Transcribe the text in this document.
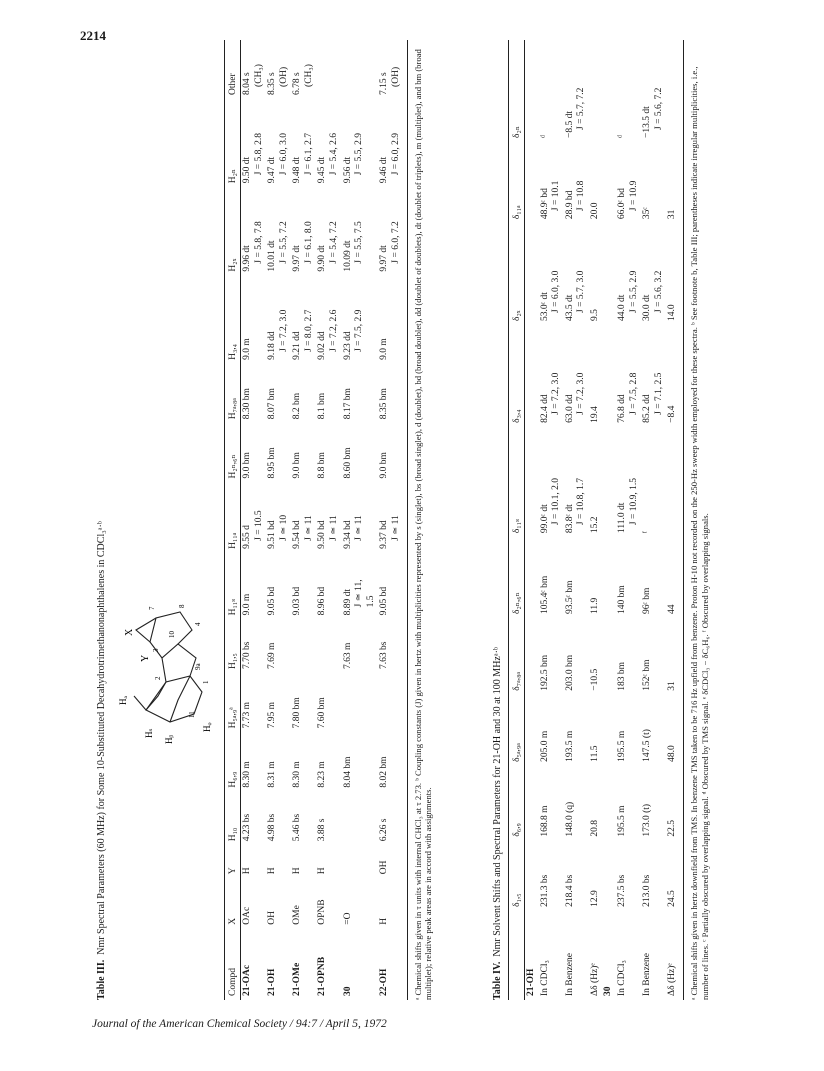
2214
Table III.Nmr Spectral Parameters (60 MHz) for Some 10-Substituted Decahydrotrimethanonaphthalenes in CDCl₃ᵃ·ᵇ Hₐ
Hₛ
Hᵦ
Hᵩ
11
1
9a
2
3
10
7
8
4
X
Y
Compd	X	Y	H₁₀	H₆,₉	H₅ₐ,₉ᵃ	H₁,₅	H₁₁ₛ	H₁₁ₐ	H₂ₙ,₆ₙ	H₇ₐ,₈ₐ	H₃,₄	H₂ₓ	H₂ₙ	Other
21-OAc	OAc	H	4.23 bs	8.30 m	7.73 m	7.70 bs	9.0 m	9.55 d J = 10.5	9.0 bm	8.30 bm	9.0 m	9.96 dt J = 5.8, 7.8	9.50 dt J = 5.8, 2.8	8.04 s (CH₃)

21-OH	OH	H	4.98 bs	8.31 m	7.95 m	7.69 m	9.05 bd	9.51 bd J ≃ 10	8.95 bm	8.07 bm	9.18 dd J = 7.2, 3.0	10.01 dt J = 5.5, 7.2	9.47 dt J = 6.0, 3.0	8.35 s (OH)

21-OMe	OMe	H	5.46 bs	8.30 m	7.80 bm		9.03 bd	9.54 bd J ≃ 11	9.0 bm	8.2 bm	9.21 dd J = 8.0, 2.7	9.97 dt J = 6.1, 8.0	9.48 dt J = 6.1, 2.7	6.78 s (CH₃)

21-OPNB	OPNB	H	3.88 s	8.23 m	7.60 bm		8.96 bd	9.50 bd J ≃ 11	8.8 bm	8.1 bm	9.02 dd J = 7.2, 2.6	9.90 dt J = 5.4, 7.2	9.45 dt J = 5.4, 2.6	

30	=O			8.04 bm		7.63 m	8.89 dt J ≃ 11, 1.5	9.34 bd J ≃ 11	8.60 bm	8.17 bm	9.23 dd J = 7.5, 2.9	10.09 dt J = 5.5, 7.5	9.56 dt J = 5.5, 2.9	

22-OH	H	OH	6.26 s	8.02 bm		7.63 bs	9.05 bd	9.37 bd J ≃ 11	9.0 bm	8.35 bm	9.0 m	9.97 dt J = 6.0, 7.2	9.46 dt J = 6.0, 2.9	7.15 s (OH) ᵃ Chemical shifts given in τ units with internal CHCl₃ at τ 2.73. ᵇ Coupling constants (J) given in hertz with multiplicities represented by s (singlet), bs (broad singlet), d (doublet), bd (broad doublet), dd (doublet of doublets), dt (doublet of triplets), m (multiplet), and bm (broad multiplet); relative peak areas are in accord with assignments.	Table IV.Nmr Solvent Shifts and Spectral Parameters for 21-OH and 30 at 100 MHzᵃ·ᵇ
	δ₁,₅	δ₆,₉	δ₅ₐ,₉ₐ	δ₇ₐ,₈ₐ	δ₂ₙ,₆ₙ	δ₁₁ₛ	δ₃,₄	δ₂ₓ	δ₁₁ₐ	δ₂ₙ
21-OH										
In CDCl₃	231.3 bs	168.8 m	205.0 m	192.5 bm	105.4ᶜ bm	99.0ᶜ dt J = 10.1, 2.0	82.4 dd J = 7.2, 3.0	53.0ᶜ dt J = 6.0, 3.0	48.9ᶜ bd J = 10.1	ᵈ
In Benzene	218.4 bs	148.0 (q)	193.5 m	203.0 bm	93.5ᶜ bm	83.8ᶜ dt J = 10.8, 1.7	63.0 dd J = 7.2, 3.0	43.5 dt J = 5.7, 3.0	28.9 bd J = 10.8	−8.5 dt J = 5.7, 7.2

Δδ (Hz)ᵉ	12.9	20.8	11.5	−10.5	11.9	15.2	19.4	9.5	20.0	
30										
In CDCl₃	237.5 bs	195.5 m	195.5 m	183 bm	140 bm	111.0 dt J = 10.9, 1.5	76.8 dd J = 7.5, 2.8	44.0 dt J = 5.5, 2.9	66.0ᶜ bd J = 10.9	ᵈ
In Benzene	213.0 bs	173.0 (t)	147.5 (t)	152ᶜ bm	96ᶜ bm	ᶠ	85.2 dd J = 7.1, 2.5	30.0 dt J = 5.6, 3.2	35ᶜ	−13.5 dt J = 5.6, 7.2

Δδ (Hz)ᵉ	24.5	22.5	48.0	31	44		−8.4	14.0	31	ᵃ Chemical shifts given in hertz downfield from TMS. In benzene TMS taken to be 716 Hz upfield from benzene. Proton H-10 not recorded on the 250-Hz sweep width employed for these spectra. ᵇ See footnote b, Table III; parentheses indicate irregular multiplicities, i.e., number of lines. ᶜ Partially obscured by overlapping signal. ᵈ Obscured by TMS signal. ᵉ δCDCl₃ − δC₆H₆. ᶠ Obscured by overlapping signals.
Journal of the American Chemical Society / 94:7 / April 5, 1972
